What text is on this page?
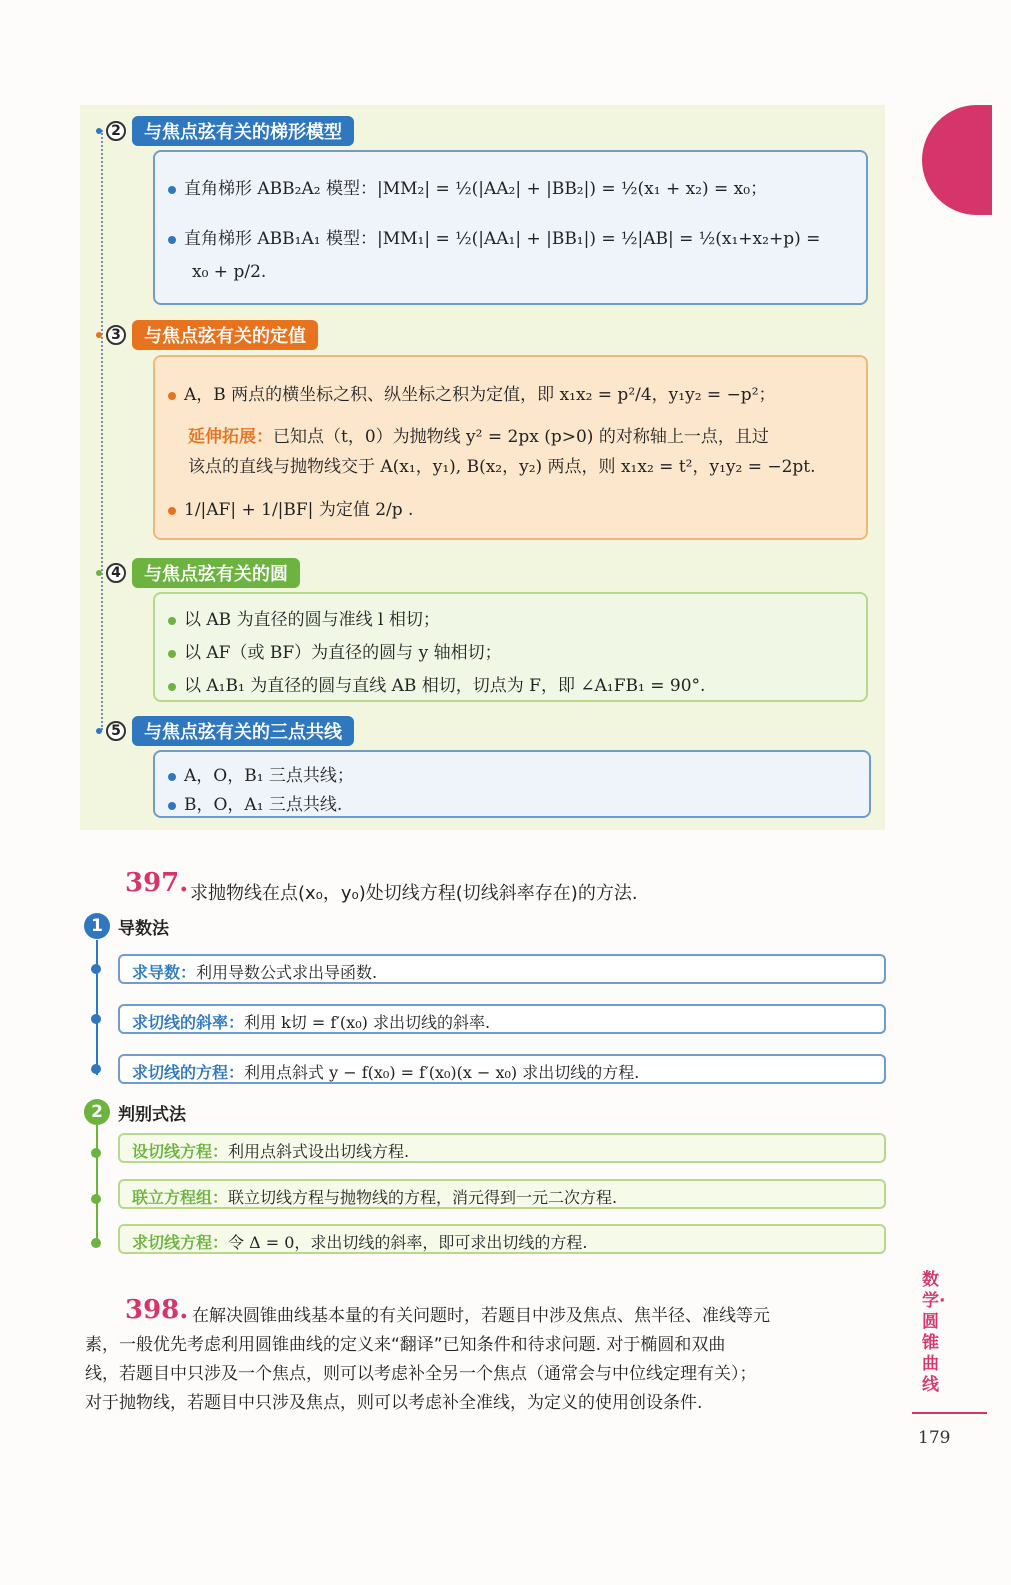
2	与焦点弦有关的梯形模型
直角梯形 ABB₂A₂ 模型：|MM₂| = ½(|AA₂| + |BB₂|) = ½(x₁ + x₂) = x₀；
直角梯形 ABB₁A₁ 模型：|MM₁| = ½(|AA₁| + |BB₁|) = ½|AB| = ½(x₁+x₂+p) =
x₀ + p/2.
3	与焦点弦有关的定值
A，B 两点的横坐标之积、纵坐标之积为定值，即 x₁x₂ = p²/4，y₁y₂ = −p²；
延伸拓展：已知点（t，0）为抛物线 y² = 2px (p>0) 的对称轴上一点，且过
该点的直线与抛物线交于 A(x₁，y₁), B(x₂，y₂) 两点，则 x₁x₂ = t²，y₁y₂ = −2pt.
1/|AF| + 1/|BF| 为定值 2/p .
4	与焦点弦有关的圆
以 AB 为直径的圆与准线 l 相切；
以 AF（或 BF）为直径的圆与 y 轴相切；
以 A₁B₁ 为直径的圆与直线 AB 相切，切点为 F，即 ∠A₁FB₁ = 90°.
5	与焦点弦有关的三点共线
A，O，B₁ 三点共线；
B，O，A₁ 三点共线.
397. 求抛物线在点(x₀，y₀)处切线方程(切线斜率存在)的方法.
1 导数法
求导数：利用导数公式求出导函数.
求切线的斜率：利用 k切 = f′(x₀) 求出切线的斜率.
求切线的方程：利用点斜式 y − f(x₀) = f′(x₀)(x − x₀) 求出切线的方程.
2 判别式法
设切线方程：利用点斜式设出切线方程.
联立方程组：联立切线方程与抛物线的方程，消元得到一元二次方程.
求切线方程：令 Δ = 0，求出切线的斜率，即可求出切线的方程.
398. 在解决圆锥曲线基本量的有关问题时，若题目中涉及焦点、焦半径、准线等元
素，一般优先考虑利用圆锥曲线的定义来“翻译”已知条件和待求问题. 对于椭圆和双曲
线，若题目中只涉及一个焦点，则可以考虑补全另一个焦点（通常会与中位线定理有关）；
对于抛物线，若题目中只涉及焦点，则可以考虑补全准线，为定义的使用创设条件.
数学·圆锥曲线
179
